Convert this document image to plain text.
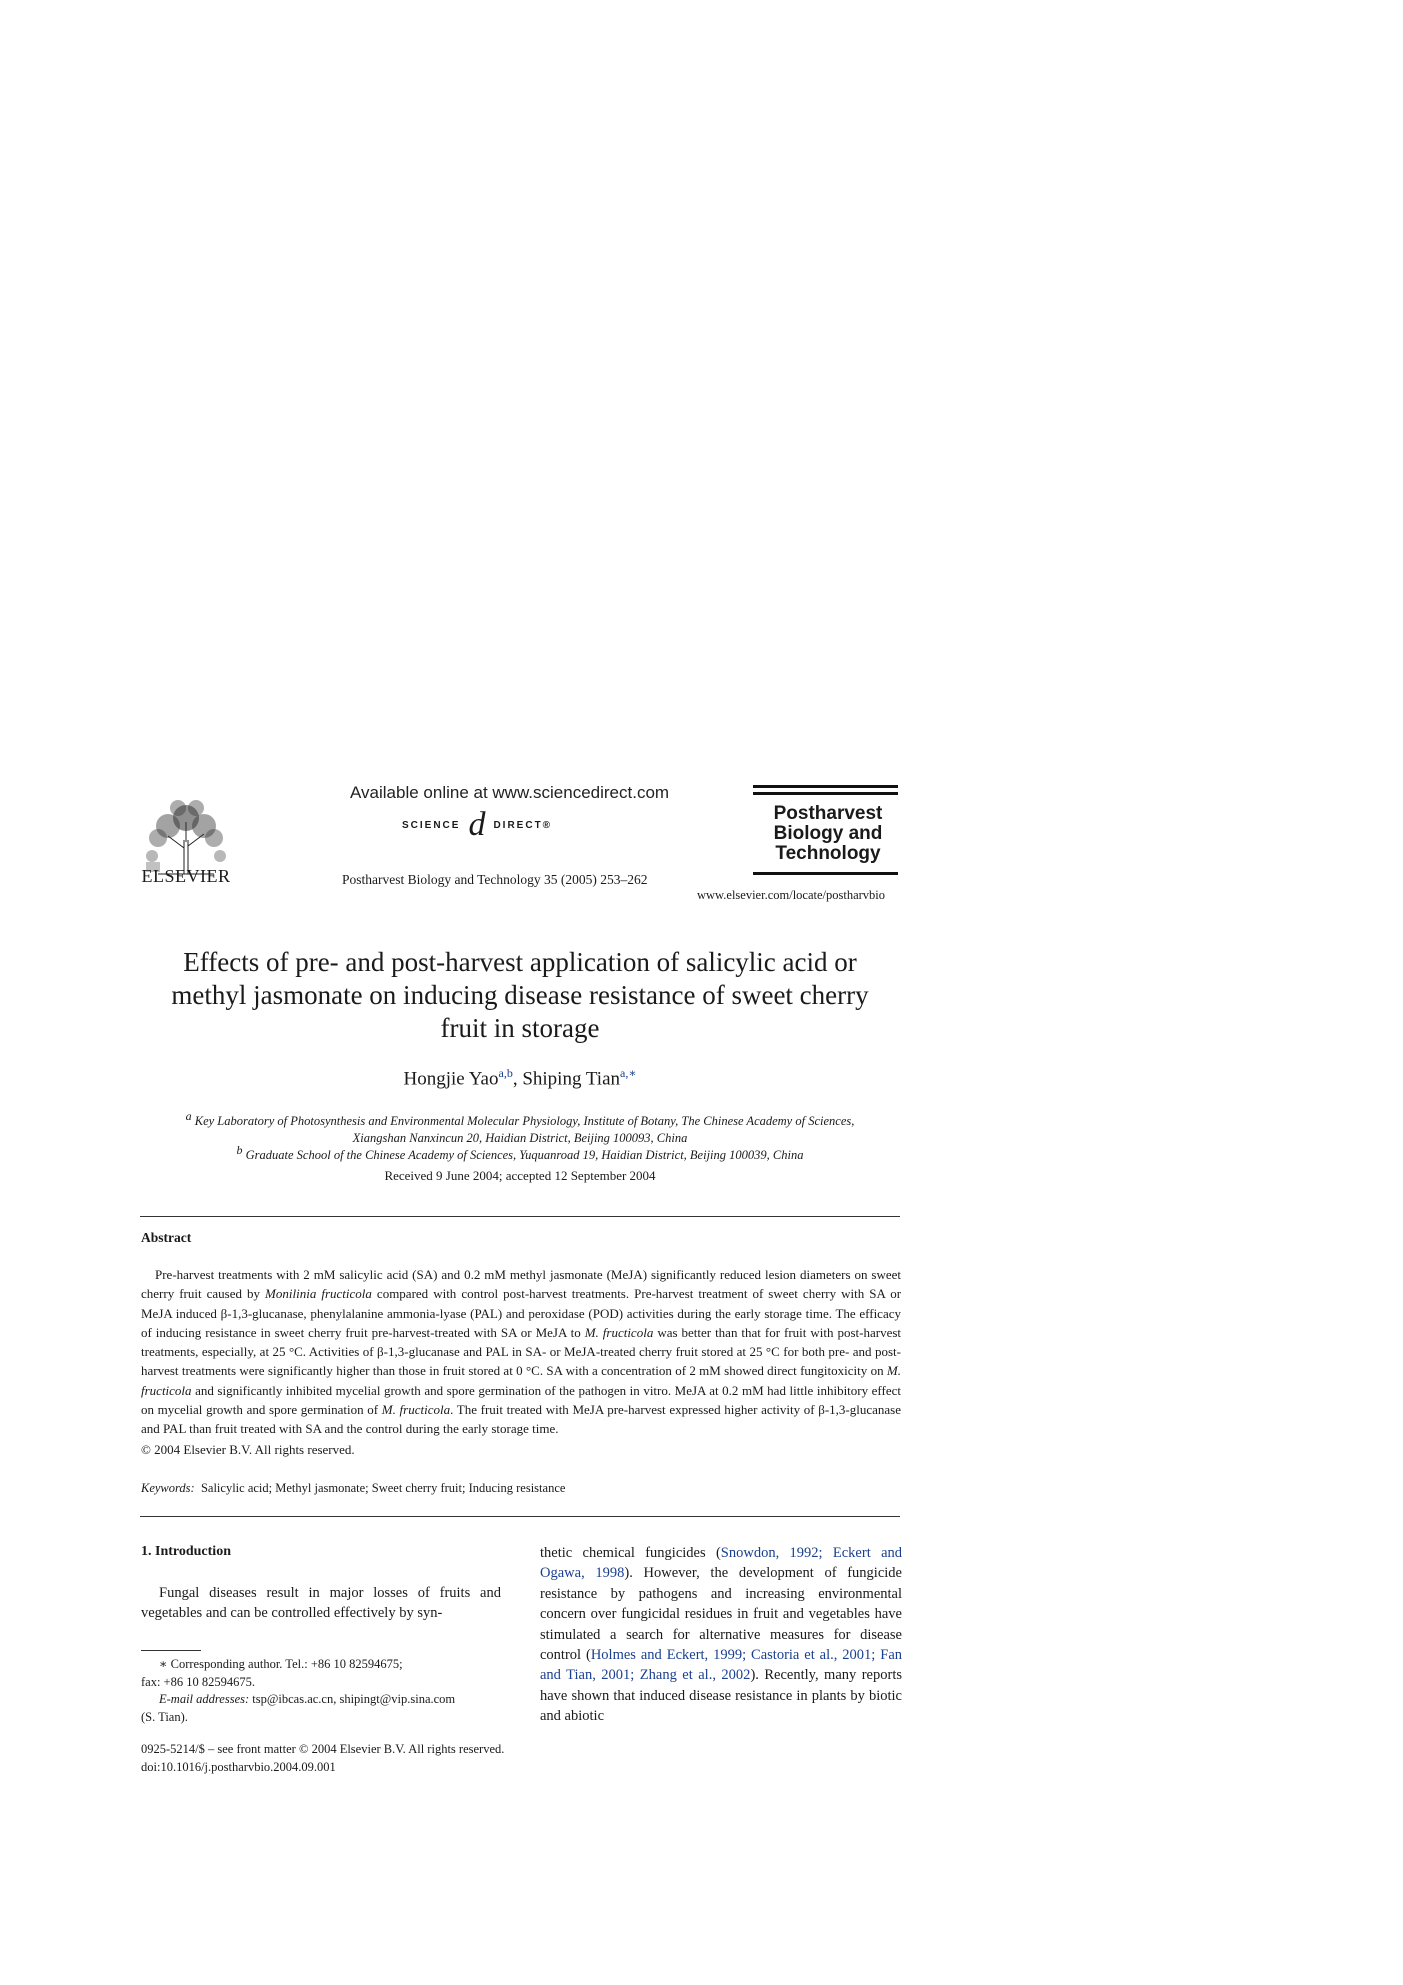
ELSEVIER
Available online at www.sciencedirect.com
SCIENCE d DIRECT®
Postharvest Biology and Technology 35 (2005) 253–262
Postharvest
Biology and
Technology
www.elsevier.com/locate/postharvbio
Effects of pre- and post-harvest application of salicylic acid or methyl jasmonate on inducing disease resistance of sweet cherry fruit in storage
Hongjie Yao$^{a,b}$, Shiping Tian$^{a,∗}$
$^a$ Key Laboratory of Photosynthesis and Environmental Molecular Physiology, Institute of Botany, The Chinese Academy of Sciences,
Xiangshan Nanxincun 20, Haidian District, Beijing 100093, China
$^b$ Graduate School of the Chinese Academy of Sciences, Yuquanroad 19, Haidian District, Beijing 100039, China
Received 9 June 2004; accepted 12 September 2004
Abstract
Pre-harvest treatments with 2 mM salicylic acid (SA) and 0.2 mM methyl jasmonate (MeJA) significantly reduced lesion diameters on sweet cherry fruit caused by Monilinia fructicola compared with control post-harvest treatments. Pre-harvest treatment of sweet cherry with SA or MeJA induced β-1,3-glucanase, phenylalanine ammonia-lyase (PAL) and peroxidase (POD) activities during the early storage time. The efficacy of inducing resistance in sweet cherry fruit pre-harvest-treated with SA or MeJA to M. fructicola was better than that for fruit with post-harvest treatments, especially, at 25 °C. Activities of β-1,3-glucanase and PAL in SA- or MeJA-treated cherry fruit stored at 25 °C for both pre- and post-harvest treatments were significantly higher than those in fruit stored at 0 °C. SA with a concentration of 2 mM showed direct fungitoxicity on M. fructicola and significantly inhibited mycelial growth and spore germination of the pathogen in vitro. MeJA at 0.2 mM had little inhibitory effect on mycelial growth and spore germination of M. fructicola. The fruit treated with MeJA pre-harvest expressed higher activity of β-1,3-glucanase and PAL than fruit treated with SA and the control during the early storage time.
© 2004 Elsevier B.V. All rights reserved.
Keywords: Salicylic acid; Methyl jasmonate; Sweet cherry fruit; Inducing resistance
1. Introduction
Fungal diseases result in major losses of fruits and vegetables and can be controlled effectively by syn-
thetic chemical fungicides (Snowdon, 1992; Eckert and Ogawa, 1998). However, the development of fungicide resistance by pathogens and increasing environmental concern over fungicidal residues in fruit and vegetables have stimulated a search for alternative measures for disease control (Holmes and Eckert, 1999; Castoria et al., 2001; Fan and Tian, 2001; Zhang et al., 2002). Recently, many reports have shown that induced disease resistance in plants by biotic and abiotic
∗ Corresponding author. Tel.: +86 10 82594675;
fax: +86 10 82594675.
E-mail addresses: tsp@ibcas.ac.cn, shipingt@vip.sina.com
(S. Tian).
0925-5214/$ – see front matter © 2004 Elsevier B.V. All rights reserved.
doi:10.1016/j.postharvbio.2004.09.001
